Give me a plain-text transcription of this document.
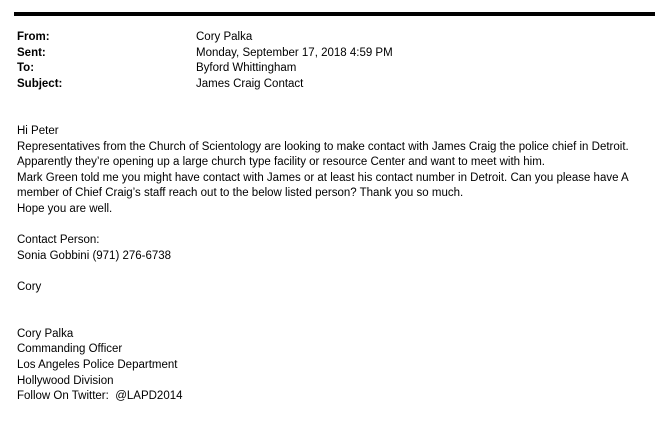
From:	Cory Palka
Sent:	Monday, September 17, 2018 4:59 PM
To:	Byford Whittingham
Subject:	James Craig Contact
Hi Peter
Representatives from the Church of Scientology are looking to make contact with James Craig the police chief in Detroit.
Apparently they’re opening up a large church type facility or resource Center and want to meet with him.
Mark Green told me you might have contact with James or at least his contact number in Detroit. Can you please have A
member of Chief Craig’s staff reach out to the below listed person? Thank you so much.
Hope you are well.
Contact Person:
Sonia Gobbini (971) 276-6738
Cory
Cory Palka
Commanding Officer
Los Angeles Police Department
Hollywood Division
Follow On Twitter:  @LAPD2014
